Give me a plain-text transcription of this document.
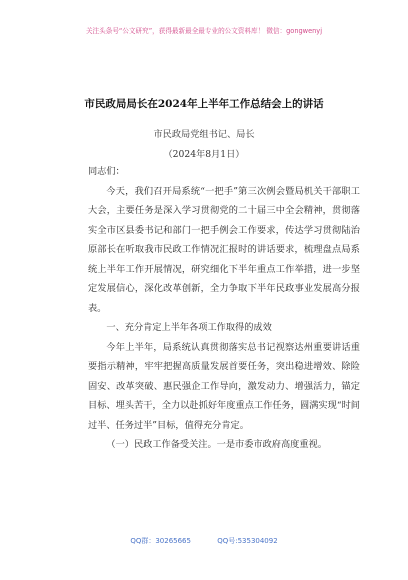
关注头条号“公文研究”，获得最新最全最专业的公文资料库！ 微信：gongwenyj
市民政局局长在2024年上半年工作总结会上的讲话
市民政局党组书记、局长
（2024年8月1日）

同志们：

今天，我们召开局系统“一把手”第三次例会暨局机关干部职工大会，主要任务是深入学习贯彻党的二十届三中全会精神，贯彻落实全市区县委书记和部门一把手例会工作要求，传达学习贯彻陆治原部长在听取我市民政工作情况汇报时的讲话要求，梳理盘点局系统上半年工作开展情况，研究细化下半年重点工作举措，进一步坚定发展信心，深化改革创新，全力争取下半年民政事业发展高分报表。

一、充分肯定上半年各项工作取得的成效

今年上半年，局系统认真贯彻落实总书记视察达州重要讲话重要指示精神，牢牢把握高质量发展首要任务，突出稳进增效、除险固安、改革突破、惠民强企工作导向，激发动力、增强活力，锚定目标、埋头苦干，全力以赴抓好年度重点工作任务，圆满实现“时间过半、任务过半”目标，值得充分肯定。

（一）民政工作备受关注。一是市委市政府高度重视。

QQ群：30265665	QQ号:535304092
